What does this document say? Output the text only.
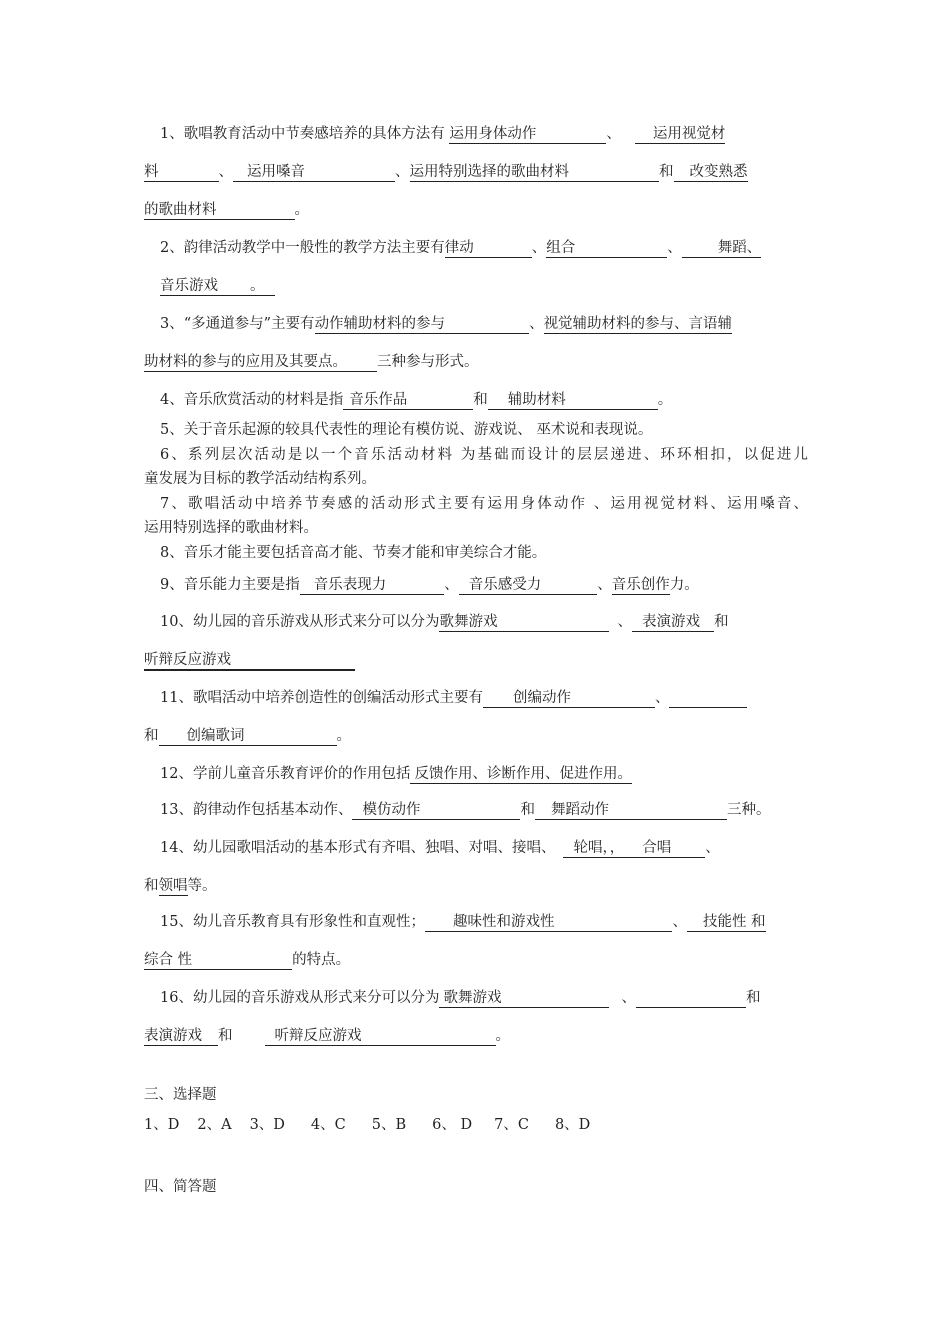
1、歌唱教育活动中节奏感培养的具体方法有 运用身体动作	、 运用视觉材
料	、 运用嗓音	、运用特别选择的歌曲材料	和 改变熟悉
的歌曲材料	。
2、韵律活动教学中一般性的教学方法主要有律动	、组合	、 舞蹈、
音乐游戏 。
3、“多通道参与”主要有动作辅助材料的参与	、视觉辅助材料的参与、言语辅
助材料的参与的应用及其要点。 三种参与形式。
4、音乐欣赏活动的材料是指 音乐作品	和 辅助材料	。
5、关于音乐起源的较具代表性的理论有模仿说、游戏说、 巫术说和表现说。
6、系列层次活动是以一个音乐活动材料 为基础而设计的层层递进、环环相扣，以促进儿
童发展为目标的教学活动结构系列。
7、歌唱活动中培养节奏感的活动形式主要有运用身体动作 、运用视觉材料、运用嗓音、
运用特别选择的歌曲材料。
8、音乐才能主要包括音高才能、节奏才能和审美综合才能。
9、音乐能力主要是指 音乐表现力	、 音乐感受力	、音乐创作力。
10、幼儿园的音乐游戏从形式来分可以分为歌舞游戏	、 表演游戏 和
听辩反应游戏
11、歌唱活动中培养创造性的创编活动形式主要有 创编动作	、
和 创编歌词	。
12、学前儿童音乐教育评价的作用包括 反馈作用、诊断作用、促进作用。
13、韵律动作包括基本动作、 模仿动作	和 舞蹈动作	三种。
14、幼儿园歌唱活动的基本形式有齐唱、独唱、对唱、接唱、 轮唱，， 合唱 、
和领唱等。
15、幼儿音乐教育具有形象性和直观性； 趣味性和游戏性	、 技能性 和
综合 性	的特点。
16、幼儿园的音乐游戏从形式来分可以分为 歌舞游戏	、	和
表演游戏 和	听辩反应游戏	。
三、选择题
1、D 2、A 3、D 4、C 5、B 6、 D 7、C 8、D
四、简答题
